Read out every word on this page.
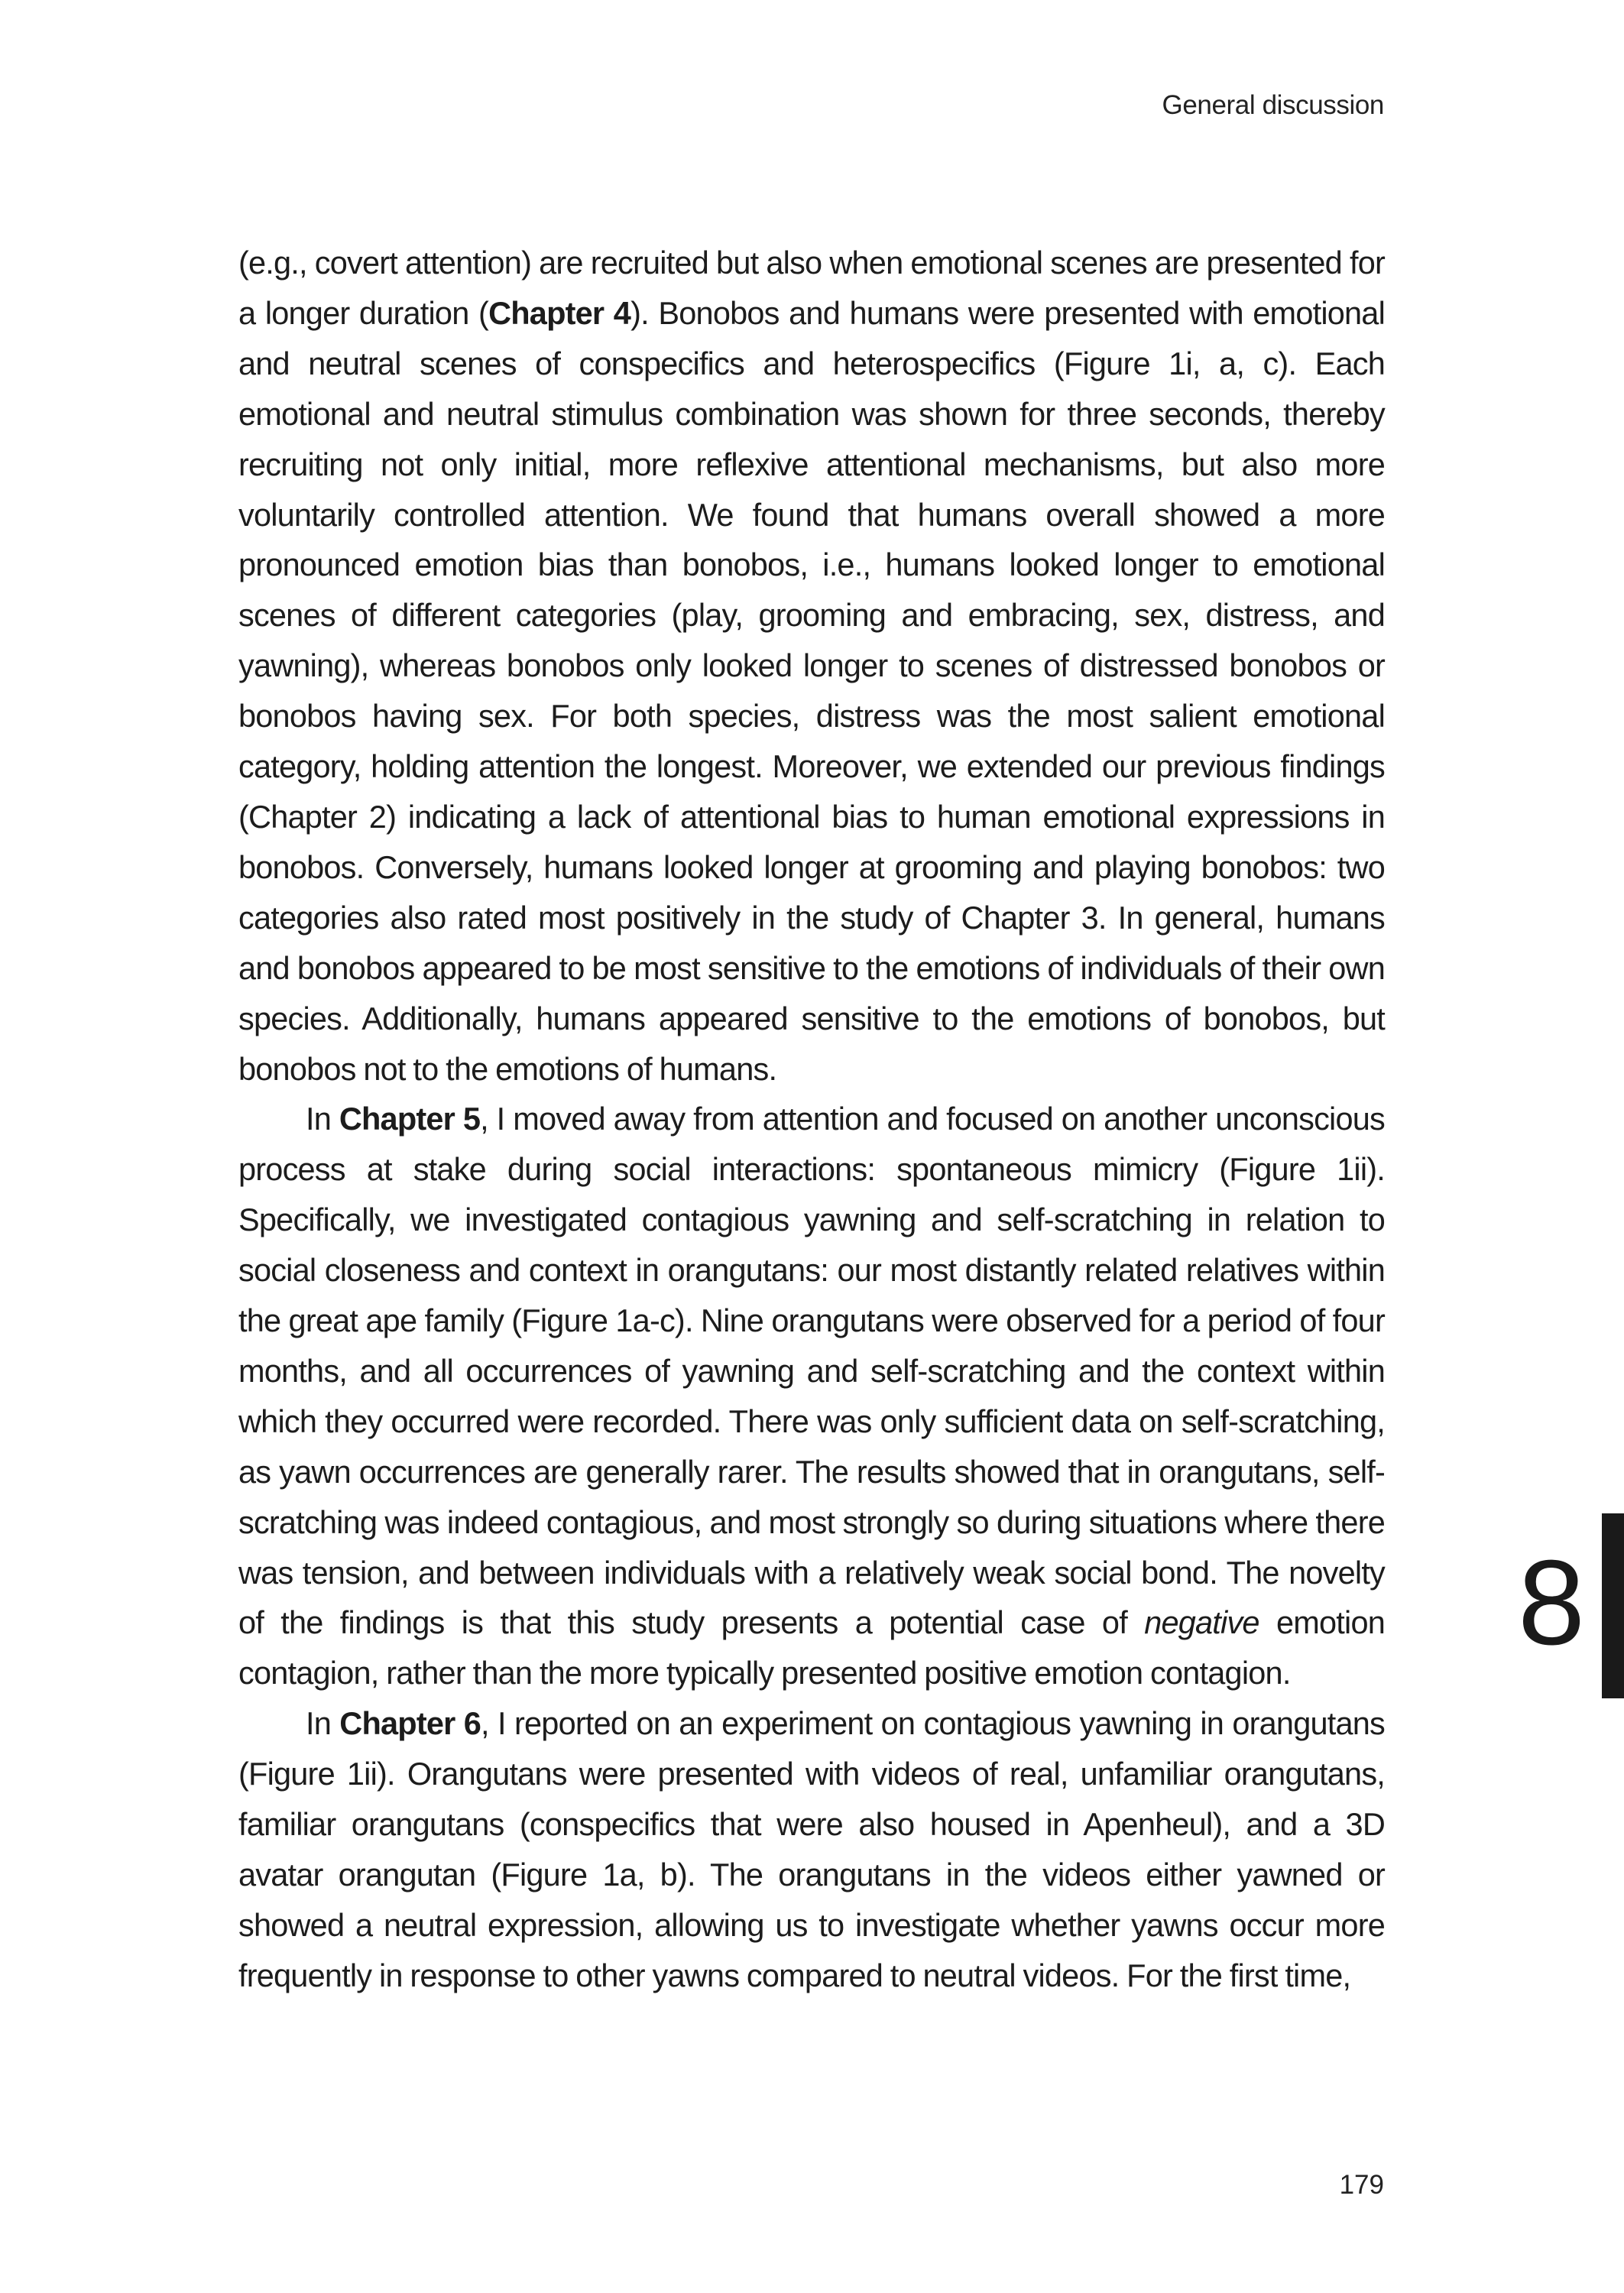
General discussion

(e.g., covert attention) are recruited but also when emotional scenes are presented for a longer duration (Chapter 4). Bonobos and humans were presented with emotional and neutral scenes of conspecifics and heterospecifics (Figure 1i, a, c). Each emotional and neutral stimulus combination was shown for three seconds, thereby recruiting not only initial, more reflexive attentional mechanisms, but also more voluntarily controlled attention. We found that humans overall showed a more pronounced emotion bias than bonobos, i.e., humans looked longer to emotional scenes of different categories (play, grooming and embracing, sex, distress, and yawning), whereas bonobos only looked longer to scenes of distressed bonobos or bonobos having sex. For both species, distress was the most salient emotional category, holding attention the longest. Moreover, we extended our previous findings (Chapter 2) indicating a lack of attentional bias to human emotional expressions in bonobos. Conversely, humans looked longer at grooming and playing bonobos: two categories also rated most positively in the study of Chapter 3. In general, humans and bonobos appeared to be most sensitive to the emotions of individuals of their own species. Additionally, humans appeared sensitive to the emotions of bonobos, but bonobos not to the emotions of humans.

In Chapter 5, I moved away from attention and focused on another unconscious process at stake during social interactions: spontaneous mimicry (Figure 1ii). Specifically, we investigated contagious yawning and self-scratching in relation to social closeness and context in orangutans: our most distantly related relatives within the great ape family (Figure 1a-c). Nine orangutans were observed for a period of four months, and all occurrences of yawning and self-scratching and the context within which they occurred were recorded. There was only sufficient data on self-scratching, as yawn occurrences are generally rarer. The results showed that in orangutans, self-scratching was indeed contagious, and most strongly so during situations where there was tension, and between individuals with a relatively weak social bond. The novelty of the findings is that this study presents a potential case of negative emotion contagion, rather than the more typically presented positive emotion contagion.

In Chapter 6, I reported on an experiment on contagious yawning in orangutans (Figure 1ii). Orangutans were presented with videos of real, unfamiliar orangutans, familiar orangutans (conspecifics that were also housed in Apenheul), and a 3D avatar orangutan (Figure 1a, b). The orangutans in the videos either yawned or showed a neutral expression, allowing us to investigate whether yawns occur more frequently in response to other yawns compared to neutral videos. For the first time,

8
179
